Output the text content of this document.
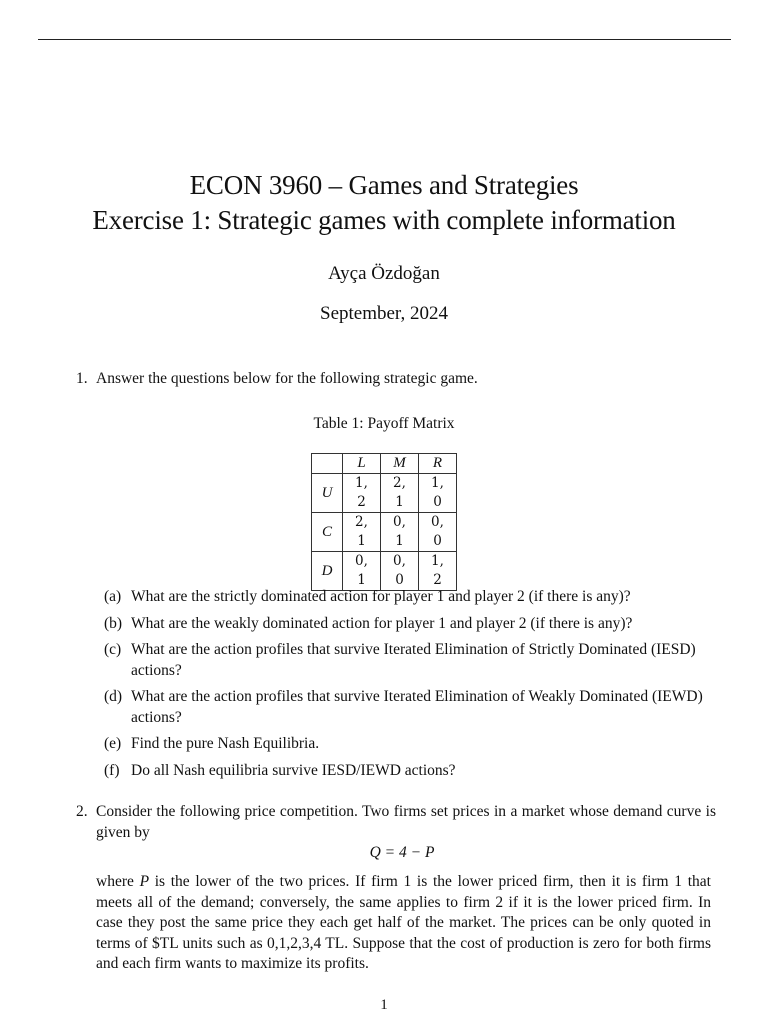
ECON 3960 – Games and Strategies
Exercise 1: Strategic games with complete information
Ayça Özdoğan
September, 2024
1. Answer the questions below for the following strategic game.
Table 1: Payoff Matrix
	L	M	R
U	1, 2	2, 1	1, 0
C	2, 1	0, 1	0, 0
D	0, 1	0, 0	1, 2
(a) What are the strictly dominated action for player 1 and player 2 (if there is any)?
(b) What are the weakly dominated action for player 1 and player 2 (if there is any)?
(c) What are the action profiles that survive Iterated Elimination of Strictly Dominated (IESD) actions?
(d) What are the action profiles that survive Iterated Elimination of Weakly Dominated (IEWD) actions?
(e) Find the pure Nash Equilibria.
(f) Do all Nash equilibria survive IESD/IEWD actions?
2. Consider the following price competition. Two firms set prices in a market whose demand curve is given by
Q = 4 − P
where P is the lower of the two prices. If firm 1 is the lower priced firm, then it is firm 1 that meets all of the demand; conversely, the same applies to firm 2 if it is the lower priced firm. In case they post the same price they each get half of the market. The prices can be only quoted in terms of $TL units such as 0,1,2,3,4 TL. Suppose that the cost of production is zero for both firms and each firm wants to maximize its profits.
1
